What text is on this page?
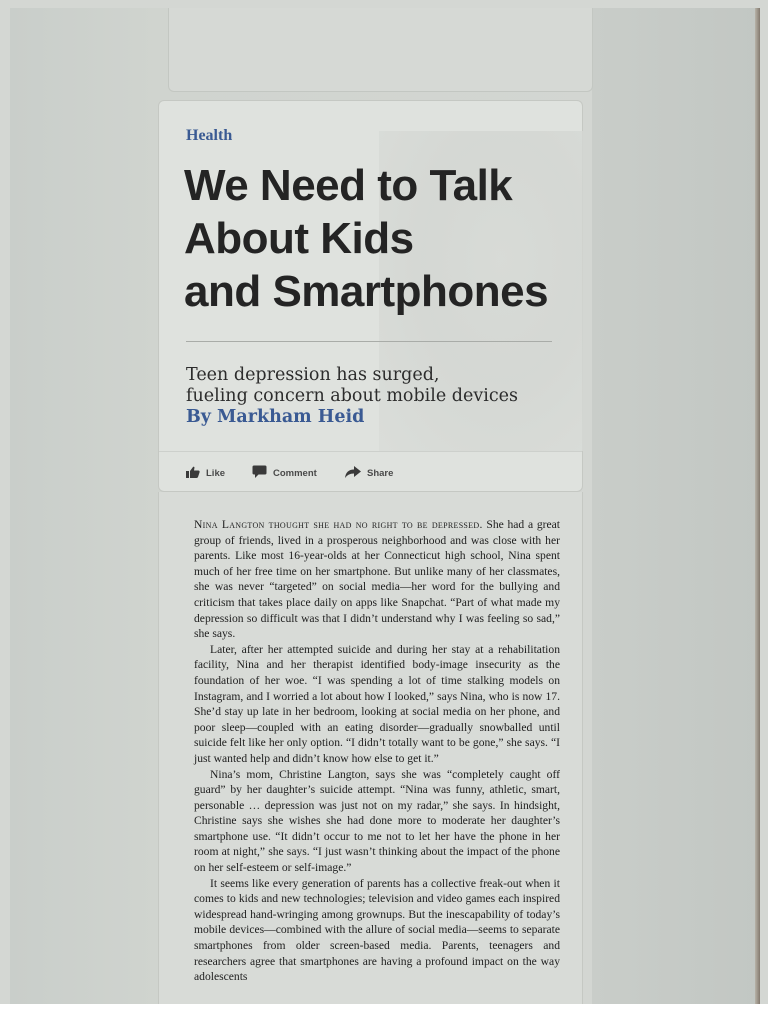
Health
We Need to Talk
About Kids
and Smartphones
Teen depression has surged,
fueling concern about mobile devices
By Markham Heid
Like	Comment	Share

Nina Langton thought she had no right to be depressed. She had a great group of friends, lived in a prosperous neighborhood and was close with her parents. Like most 16-year-olds at her Connecticut high school, Nina spent much of her free time on her smartphone. But unlike many of her classmates, she was never “targeted” on social media—her word for the bullying and criticism that takes place daily on apps like Snapchat. “Part of what made my depression so difficult was that I didn’t understand why I was feeling so sad,” she says.

Later, after her attempted suicide and during her stay at a rehabilitation facility, Nina and her therapist identified body-image insecurity as the foundation of her woe. “I was spending a lot of time stalking models on Instagram, and I worried a lot about how I looked,” says Nina, who is now 17. She’d stay up late in her bedroom, looking at social media on her phone, and poor sleep—coupled with an eating disorder—gradually snowballed until suicide felt like her only option. “I didn’t totally want to be gone,” she says. “I just wanted help and didn’t know how else to get it.”

Nina’s mom, Christine Langton, says she was “completely caught off guard” by her daughter’s suicide attempt. “Nina was funny, athletic, smart, personable … depression was just not on my radar,” she says. In hindsight, Christine says she wishes she had done more to moderate her daughter’s smartphone use. “It didn’t occur to me not to let her have the phone in her room at night,” she says. “I just wasn’t thinking about the impact of the phone on her self-esteem or self-image.”

It seems like every generation of parents has a collective freak-out when it comes to kids and new technologies; television and video games each inspired widespread hand-wringing among grownups. But the inescapability of today’s mobile devices—combined with the allure of social media—seems to separate smartphones from older screen-based media. Parents, teenagers and researchers agree that smartphones are having a profound impact on the way adolescents
